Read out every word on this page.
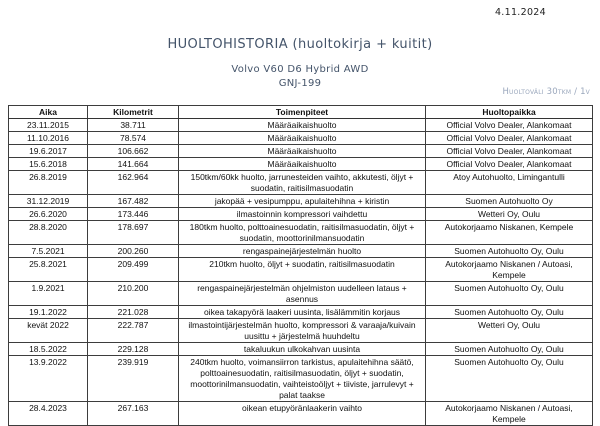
4.11.2024
HUOLTOHISTORIA (huoltokirja + kuitit)
Volvo V60 D6 Hybrid AWD
GNJ-199
Huoltoväli 30tkm / 1v
Aika	Kilometrit	Toimenpiteet	Huoltopaikka
23.11.2015	38.711	Määräaikaishuolto	Official Volvo Dealer, Alankomaat
11.10.2016	78.574	Määräaikaishuolto	Official Volvo Dealer, Alankomaat
19.6.2017	106.662	Määräaikaishuolto	Official Volvo Dealer, Alankomaat
15.6.2018	141.664	Määräaikaishuolto	Official Volvo Dealer, Alankomaat
26.8.2019	162.964	150tkm/60kk huolto, jarrunesteiden vaihto, akkutesti, öljyt + suodatin, raitisilmasuodatin	Atoy Autohuolto, Limingantulli
31.12.2019	167.482	jakopää + vesipumppu, apulaitehihna + kiristin	Suomen Autohuolto Oy
26.6.2020	173.446	ilmastoinnin kompressori vaihdettu	Wetteri Oy, Oulu
28.8.2020	178.697	180tkm huolto, polttoainesuodatin, raitisilmasuodatin, öljyt + suodatin, moottorinilmansuodatin	Autokorjaamo Niskanen, Kempele
7.5.2021	200.260	rengaspainejärjestelmän huolto	Suomen Autohuolto Oy, Oulu
25.8.2021	209.499	210tkm huolto, öljyt + suodatin, raitisilmasuodatin	Autokorjaamo Niskanen / Autoasi, Kempele
1.9.2021	210.200	rengaspainejärjestelmän ohjelmiston uudelleen lataus + asennus	Suomen Autohuolto Oy, Oulu
19.1.2022	221.028	oikea takapyörä laakeri uusinta, lisälämmitin korjaus	Suomen Autohuolto Oy, Oulu
kevät 2022	222.787	ilmastointijärjestelmän huolto, kompressori & varaaja/kuivain uusittu + järjestelmä huuhdeltu	Wetteri Oy, Oulu
18.5.2022	229.128	takaluukun ulkokahvan uusinta	Suomen Autohuolto Oy, Oulu
13.9.2022	239.919	240tkm huolto, voimansiirron tarkistus, apulaitehihna säätö, polttoainesuodatin, raitisilmasuodatin, öljyt + suodatin, moottorinilmansuodatin, vaihteistoöljyt + tiiviste, jarrulevyt + palat taakse	Suomen Autohuolto Oy, Oulu
28.4.2023	267.163	oikean etupyöränlaakerin vaihto	Autokorjaamo Niskanen / Autoasi, Kempele
